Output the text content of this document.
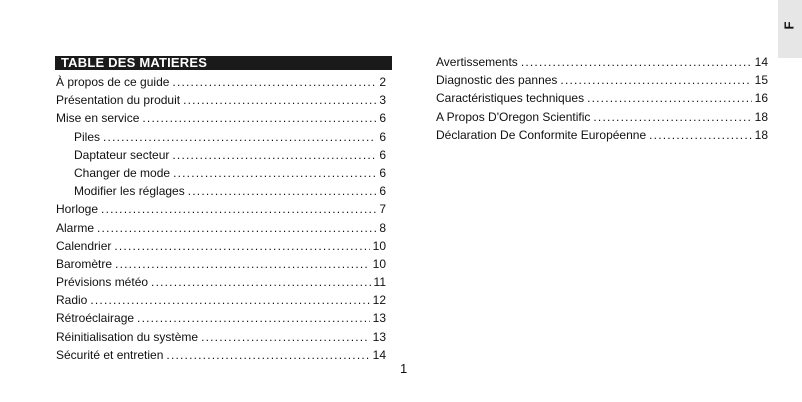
F
TABLE DES MATIERES
À propos de ce guide .....	2
Présentation du produit .....	3
Mise en service .....	6
Piles .....	6
Daptateur secteur .....	6
Changer de mode .....	6
Modifier les réglages .....	6
Horloge .....	7
Alarme .....	8
Calendrier .....	10
Baromètre .....	10
Prévisions météo .....	11
Radio .....	12
Rétroéclairage .....	13
Réinitialisation du système .....	13
Sécurité et entretien .....	14
Avertissements .....	14
Diagnostic des pannes .....	15
Caractéristiques techniques .....	16
A Propos D'Oregon Scientific .....	18
Déclaration De Conformite Européenne .....	18
1
